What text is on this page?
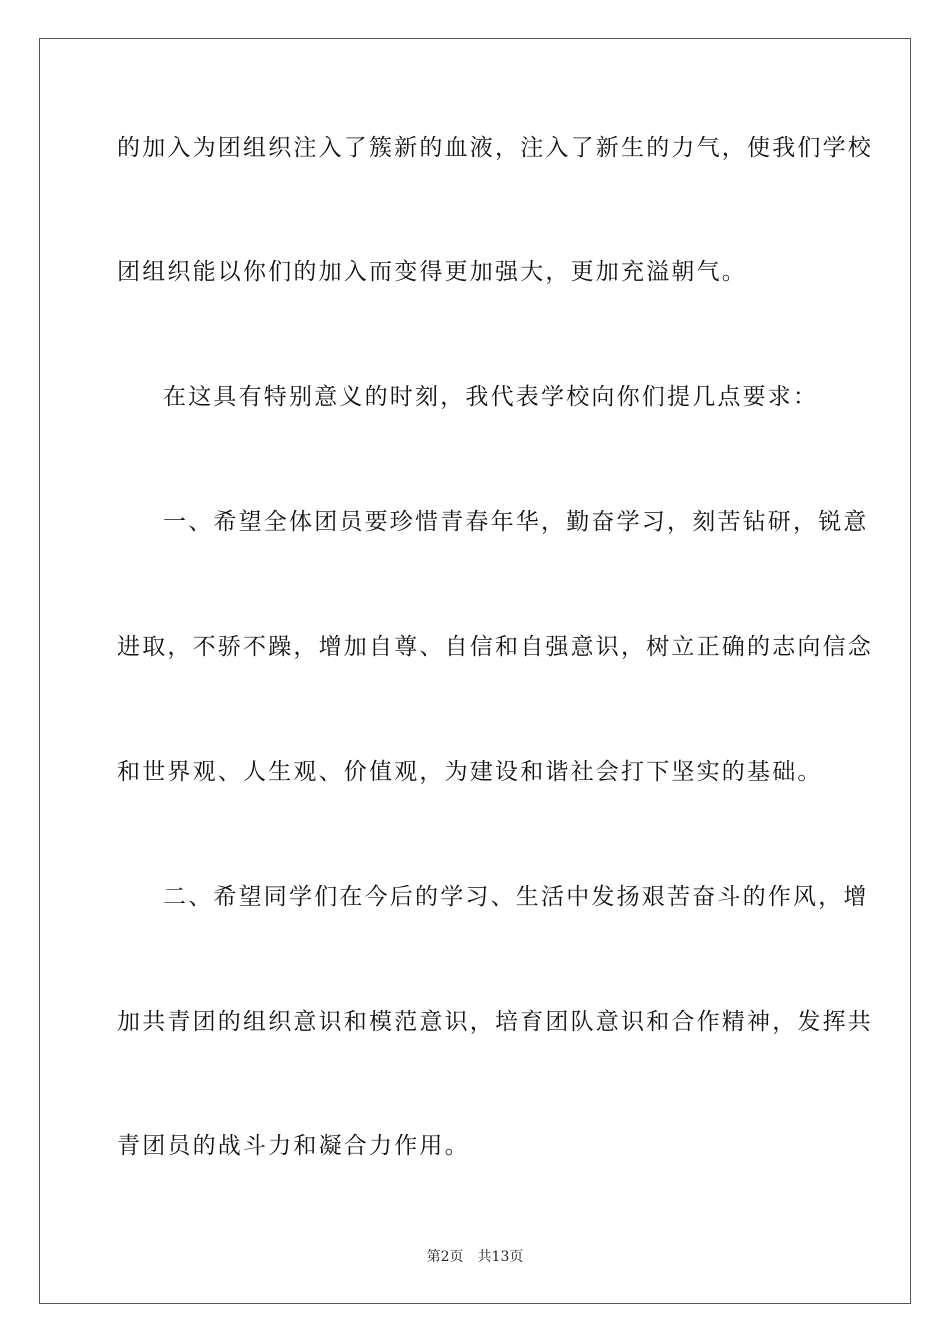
的加入为团组织注入了簇新的血液，注入了新生的力气，使我们学校
团组织能以你们的加入而变得更加强大，更加充溢朝气。
在这具有特别意义的时刻，我代表学校向你们提几点要求：
一、希望全体团员要珍惜青春年华，勤奋学习，刻苦钻研，锐意
进取，不骄不躁，增加自尊、自信和自强意识，树立正确的志向信念
和世界观、人生观、价值观，为建设和谐社会打下坚实的基础。
二、希望同学们在今后的学习、生活中发扬艰苦奋斗的作风，增
加共青团的组织意识和模范意识，培育团队意识和合作精神，发挥共
青团员的战斗力和凝合力作用。
第2页 共13页
